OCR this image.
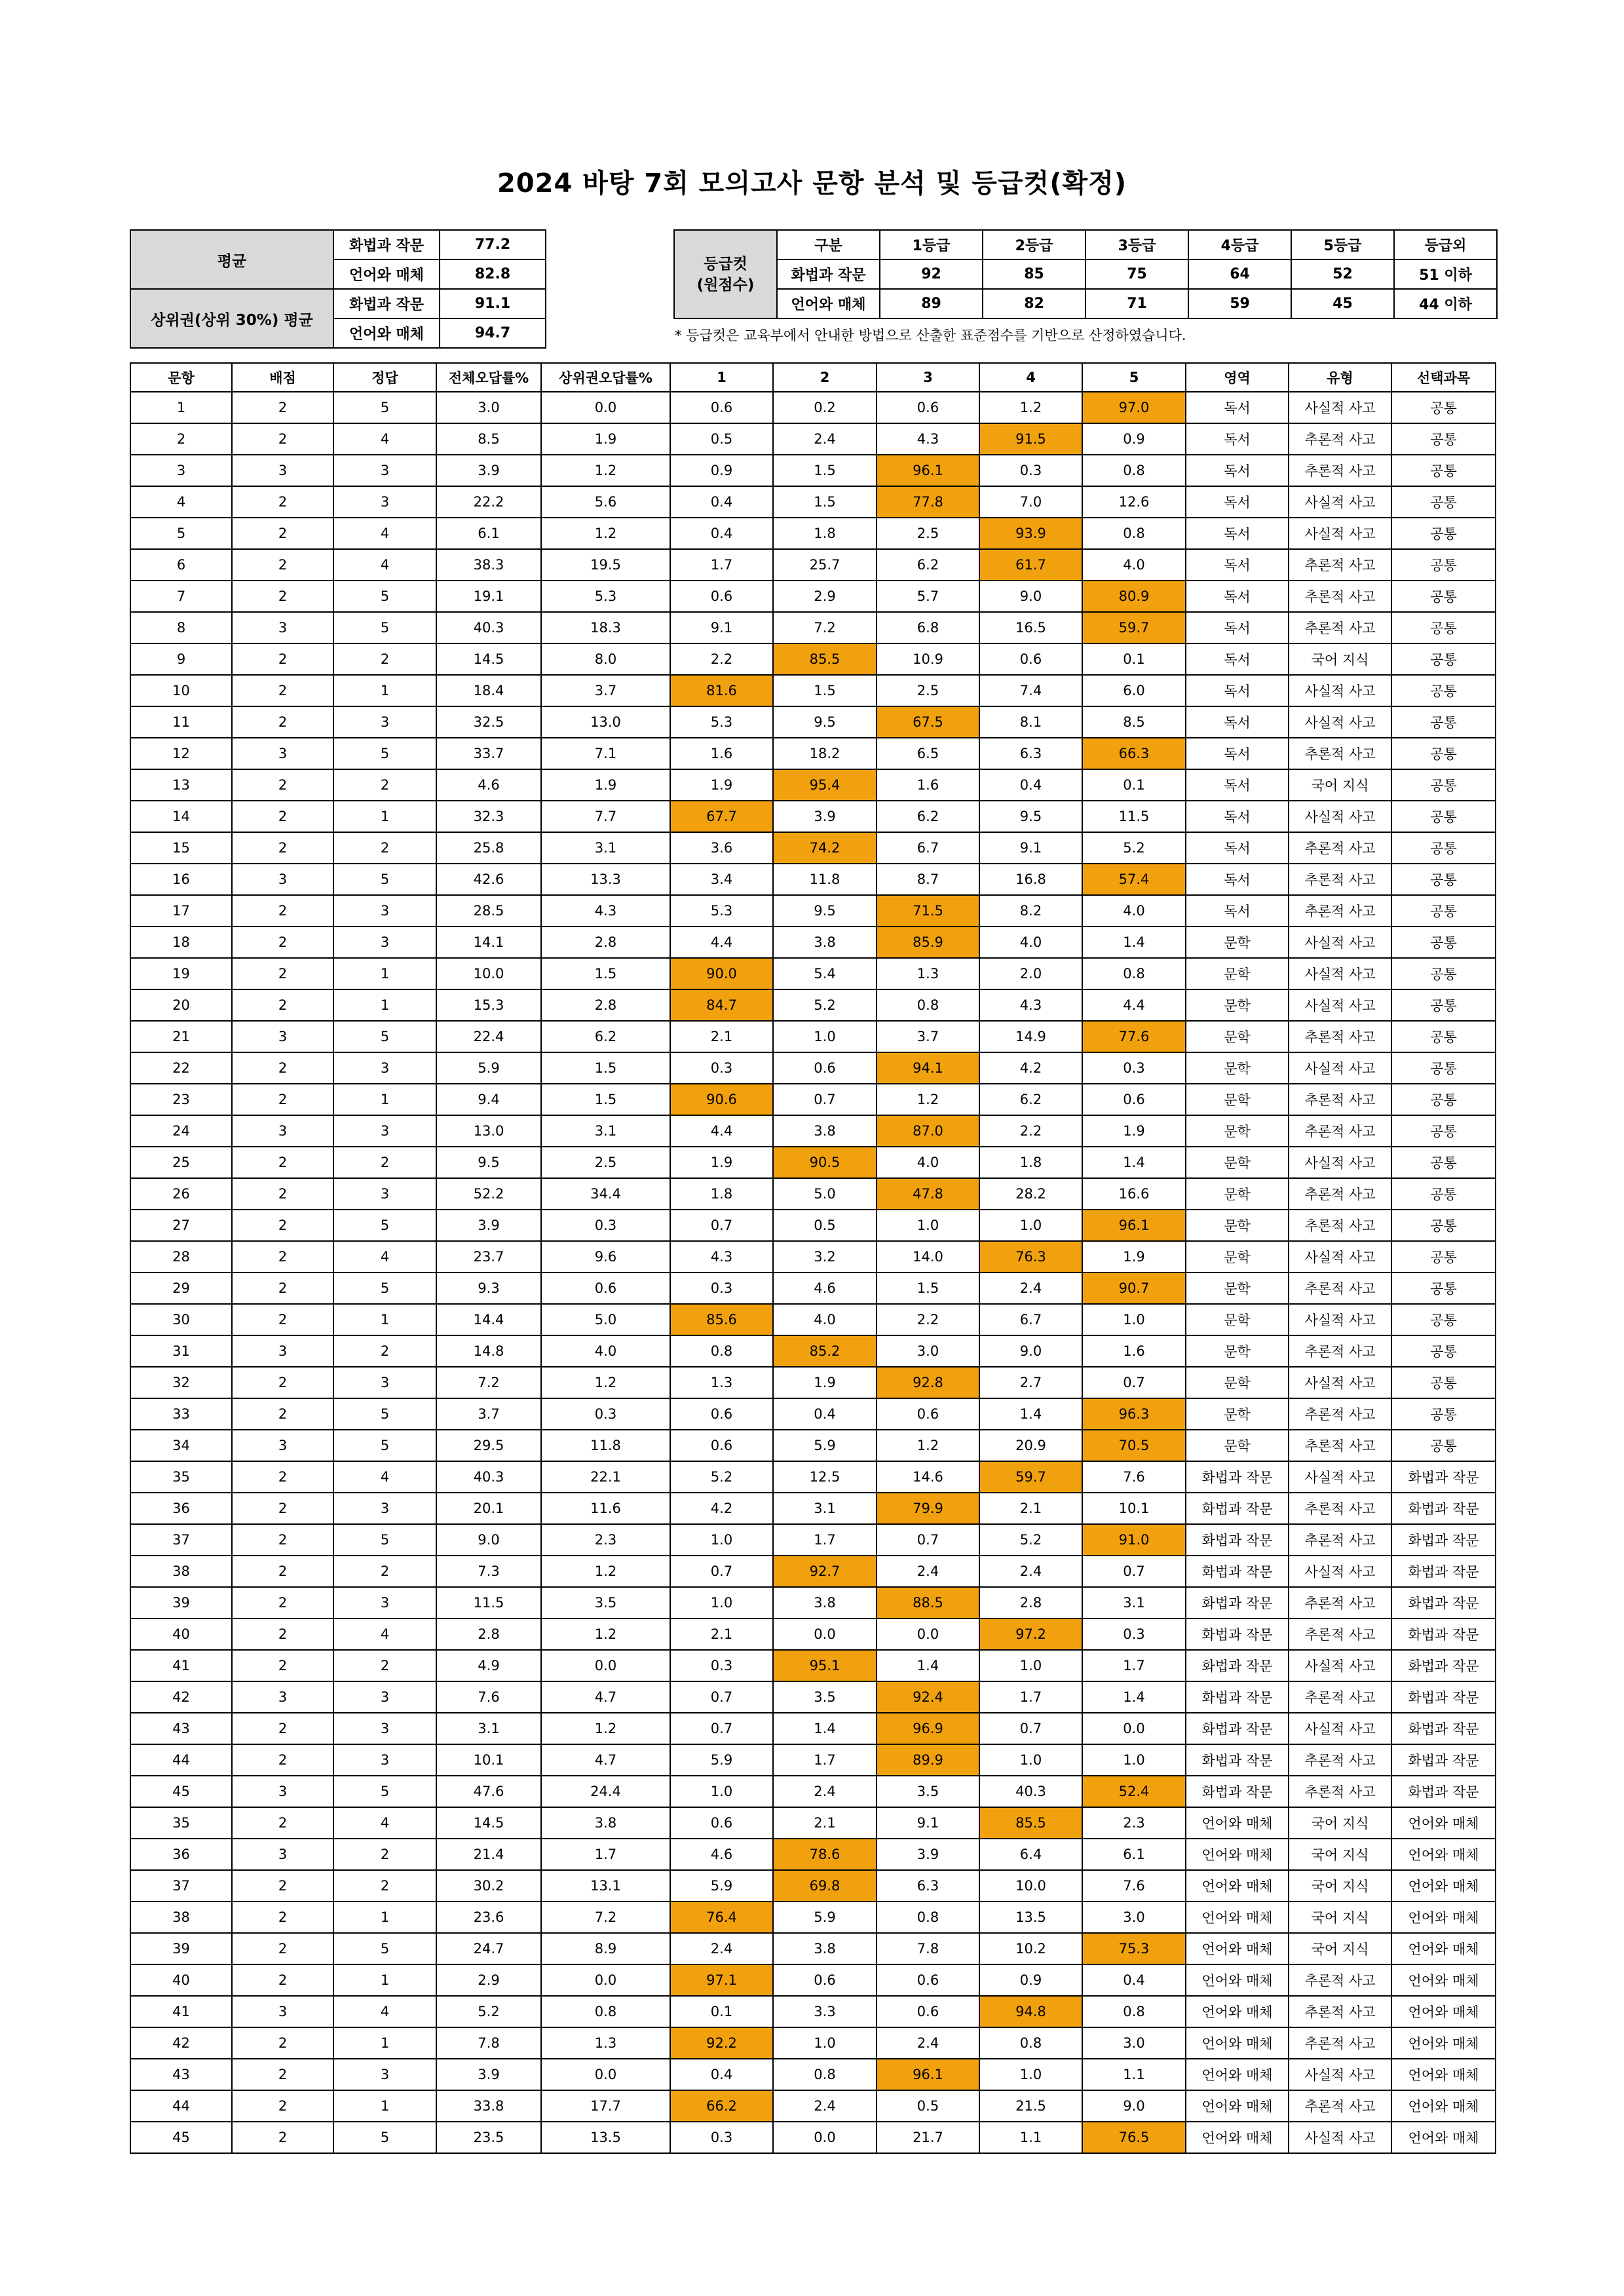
2024 바탕 7회 모의고사 문항 분석 및 등급컷(확정)
평균	화법과 작문	77.2
	언어와 매체	82.8
상위권(상위 30%) 평균	화법과 작문	91.1
	언어와 매체	94.7
등급컷
(원점수)	구분	1등급	2등급	3등급	4등급	5등급	등급외
	화법과 작문	92	85	75	64	52	51 이하
	언어와 매체	89	82	71	59	45	44 이하
* 등급컷은 교육부에서 안내한 방법으로 산출한 표준점수를 기반으로 산정하였습니다.
문항	배점	정답	전체오답률%	상위권오답률%	1	2	3	4	5	영역	유형	선택과목
1	2	5	3.0	0.0	0.6	0.2	0.6	1.2	97.0	독서	사실적 사고	공통
2	2	4	8.5	1.9	0.5	2.4	4.3	91.5	0.9	독서	추론적 사고	공통
3	3	3	3.9	1.2	0.9	1.5	96.1	0.3	0.8	독서	추론적 사고	공통
4	2	3	22.2	5.6	0.4	1.5	77.8	7.0	12.6	독서	사실적 사고	공통
5	2	4	6.1	1.2	0.4	1.8	2.5	93.9	0.8	독서	사실적 사고	공통
6	2	4	38.3	19.5	1.7	25.7	6.2	61.7	4.0	독서	추론적 사고	공통
7	2	5	19.1	5.3	0.6	2.9	5.7	9.0	80.9	독서	추론적 사고	공통
8	3	5	40.3	18.3	9.1	7.2	6.8	16.5	59.7	독서	추론적 사고	공통
9	2	2	14.5	8.0	2.2	85.5	10.9	0.6	0.1	독서	국어 지식	공통
10	2	1	18.4	3.7	81.6	1.5	2.5	7.4	6.0	독서	사실적 사고	공통
11	2	3	32.5	13.0	5.3	9.5	67.5	8.1	8.5	독서	사실적 사고	공통
12	3	5	33.7	7.1	1.6	18.2	6.5	6.3	66.3	독서	추론적 사고	공통
13	2	2	4.6	1.9	1.9	95.4	1.6	0.4	0.1	독서	국어 지식	공통
14	2	1	32.3	7.7	67.7	3.9	6.2	9.5	11.5	독서	사실적 사고	공통
15	2	2	25.8	3.1	3.6	74.2	6.7	9.1	5.2	독서	추론적 사고	공통
16	3	5	42.6	13.3	3.4	11.8	8.7	16.8	57.4	독서	추론적 사고	공통
17	2	3	28.5	4.3	5.3	9.5	71.5	8.2	4.0	독서	추론적 사고	공통
18	2	3	14.1	2.8	4.4	3.8	85.9	4.0	1.4	문학	사실적 사고	공통
19	2	1	10.0	1.5	90.0	5.4	1.3	2.0	0.8	문학	사실적 사고	공통
20	2	1	15.3	2.8	84.7	5.2	0.8	4.3	4.4	문학	사실적 사고	공통
21	3	5	22.4	6.2	2.1	1.0	3.7	14.9	77.6	문학	추론적 사고	공통
22	2	3	5.9	1.5	0.3	0.6	94.1	4.2	0.3	문학	사실적 사고	공통
23	2	1	9.4	1.5	90.6	0.7	1.2	6.2	0.6	문학	추론적 사고	공통
24	3	3	13.0	3.1	4.4	3.8	87.0	2.2	1.9	문학	추론적 사고	공통
25	2	2	9.5	2.5	1.9	90.5	4.0	1.8	1.4	문학	사실적 사고	공통
26	2	3	52.2	34.4	1.8	5.0	47.8	28.2	16.6	문학	추론적 사고	공통
27	2	5	3.9	0.3	0.7	0.5	1.0	1.0	96.1	문학	추론적 사고	공통
28	2	4	23.7	9.6	4.3	3.2	14.0	76.3	1.9	문학	사실적 사고	공통
29	2	5	9.3	0.6	0.3	4.6	1.5	2.4	90.7	문학	추론적 사고	공통
30	2	1	14.4	5.0	85.6	4.0	2.2	6.7	1.0	문학	사실적 사고	공통
31	3	2	14.8	4.0	0.8	85.2	3.0	9.0	1.6	문학	추론적 사고	공통
32	2	3	7.2	1.2	1.3	1.9	92.8	2.7	0.7	문학	사실적 사고	공통
33	2	5	3.7	0.3	0.6	0.4	0.6	1.4	96.3	문학	추론적 사고	공통
34	3	5	29.5	11.8	0.6	5.9	1.2	20.9	70.5	문학	추론적 사고	공통
35	2	4	40.3	22.1	5.2	12.5	14.6	59.7	7.6	화법과 작문	사실적 사고	화법과 작문
36	2	3	20.1	11.6	4.2	3.1	79.9	2.1	10.1	화법과 작문	추론적 사고	화법과 작문
37	2	5	9.0	2.3	1.0	1.7	0.7	5.2	91.0	화법과 작문	추론적 사고	화법과 작문
38	2	2	7.3	1.2	0.7	92.7	2.4	2.4	0.7	화법과 작문	사실적 사고	화법과 작문
39	2	3	11.5	3.5	1.0	3.8	88.5	2.8	3.1	화법과 작문	추론적 사고	화법과 작문
40	2	4	2.8	1.2	2.1	0.0	0.0	97.2	0.3	화법과 작문	추론적 사고	화법과 작문
41	2	2	4.9	0.0	0.3	95.1	1.4	1.0	1.7	화법과 작문	사실적 사고	화법과 작문
42	3	3	7.6	4.7	0.7	3.5	92.4	1.7	1.4	화법과 작문	추론적 사고	화법과 작문
43	2	3	3.1	1.2	0.7	1.4	96.9	0.7	0.0	화법과 작문	사실적 사고	화법과 작문
44	2	3	10.1	4.7	5.9	1.7	89.9	1.0	1.0	화법과 작문	추론적 사고	화법과 작문
45	3	5	47.6	24.4	1.0	2.4	3.5	40.3	52.4	화법과 작문	추론적 사고	화법과 작문
35	2	4	14.5	3.8	0.6	2.1	9.1	85.5	2.3	언어와 매체	국어 지식	언어와 매체
36	3	2	21.4	1.7	4.6	78.6	3.9	6.4	6.1	언어와 매체	국어 지식	언어와 매체
37	2	2	30.2	13.1	5.9	69.8	6.3	10.0	7.6	언어와 매체	국어 지식	언어와 매체
38	2	1	23.6	7.2	76.4	5.9	0.8	13.5	3.0	언어와 매체	국어 지식	언어와 매체
39	2	5	24.7	8.9	2.4	3.8	7.8	10.2	75.3	언어와 매체	국어 지식	언어와 매체
40	2	1	2.9	0.0	97.1	0.6	0.6	0.9	0.4	언어와 매체	추론적 사고	언어와 매체
41	3	4	5.2	0.8	0.1	3.3	0.6	94.8	0.8	언어와 매체	추론적 사고	언어와 매체
42	2	1	7.8	1.3	92.2	1.0	2.4	0.8	3.0	언어와 매체	추론적 사고	언어와 매체
43	2	3	3.9	0.0	0.4	0.8	96.1	1.0	1.1	언어와 매체	사실적 사고	언어와 매체
44	2	1	33.8	17.7	66.2	2.4	0.5	21.5	9.0	언어와 매체	추론적 사고	언어와 매체
45	2	5	23.5	13.5	0.3	0.0	21.7	1.1	76.5	언어와 매체	사실적 사고	언어와 매체
